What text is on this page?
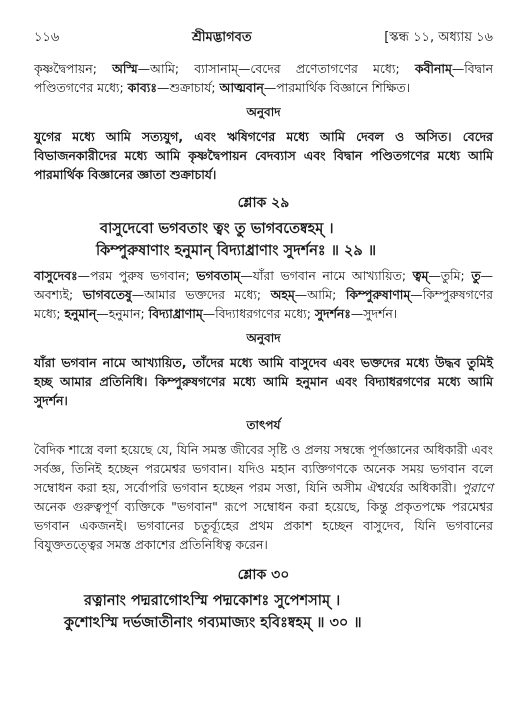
১১৬	শ্রীমদ্ভাগবত	[স্কন্ধ ১১, অধ্যায় ১৬

কৃষ্ণদ্বৈপায়ন; অস্মি—আমি; ব্যাসানাম্—বেদের প্রণেতাগণের মধ্যে; কবীনাম্—বিদ্বান পণ্ডিতগণের মধ্যে; কাব্যঃ—শুক্রাচার্য; আত্মবান্—পারমার্থিক বিজ্ঞানে শিক্ষিত।

অনুবাদ

যুগের মধ্যে আমি সত্যযুগ, এবং ঋষিগণের মধ্যে আমি দেবল ও অসিত। বেদের বিভাজনকারীদের মধ্যে আমি কৃষ্ণদ্বৈপায়ন বেদব্যাস এবং বিদ্বান পণ্ডিতগণের মধ্যে আমি পারমার্থিক বিজ্ঞানের জ্ঞাতা শুক্রাচার্য।

শ্লোক ২৯

বাসুদেবো ভগবতাং ত্বং তু ভাগবতেষ্বহম্ ।

কিম্পুরুষাণাং হনুমান্ বিদ্যাধ্রাণাং সুদর্শনঃ ॥ ২৯ ॥

বাসুদেবঃ—পরম পুরুষ ভগবান; ভগবতাম্—যাঁরা ভগবান নামে আখ্যায়িত; ত্বম্—তুমি; তু—অবশ্যই; ভাগবতেষু—আমার ভক্তদের মধ্যে; অহম্—আমি; কিম্পুরুষাণাম্—কিম্পুরুষগণের মধ্যে; হনুমান্—হনুমান; বিদ্যাধ্রাণাম্—বিদ্যাধরগণের মধ্যে; সুদর্শনঃ—সুদর্শন।

অনুবাদ

যাঁরা ভগবান নামে আখ্যায়িত, তাঁদের মধ্যে আমি বাসুদেব এবং ভক্তদের মধ্যে উদ্ধব তুমিই হচ্ছ আমার প্রতিনিধি। কিম্পুরুষগণের মধ্যে আমি হনুমান এবং বিদ্যাধরগণের মধ্যে আমি সুদর্শন।

তাৎপর্য

বৈদিক শাস্ত্রে বলা হয়েছে যে, যিনি সমস্ত জীবের সৃষ্টি ও প্রলয় সম্বন্ধে পূর্ণজ্ঞানের অধিকারী এবং সর্বজ্ঞ, তিনিই হচ্ছেন পরমেশ্বর ভগবান। যদিও মহান ব্যক্তিগণকে অনেক সময় ভগবান বলে সম্বোধন করা হয়, সর্বোপরি ভগবান হচ্ছেন পরম সত্তা, যিনি অসীম ঐশ্বর্যের অধিকারী। পুরাণে অনেক গুরুত্বপূর্ণ ব্যক্তিকে "ভগবান" রূপে সম্বোধন করা হয়েছে, কিন্তু প্রকৃতপক্ষে পরমেশ্বর ভগবান একজনই। ভগবানের চতুর্ব্যূহের প্রথম প্রকাশ হচ্ছেন বাসুদেব, যিনি ভগবানের বিযুক্ততত্ত্বের সমস্ত প্রকাশের প্রতিনিধিত্ব করেন।

শ্লোক ৩০

রত্নানাং পদ্মরাগোঽস্মি পদ্মকোশঃ সুপেশসাম্ ।

কুশোঽস্মি দর্ভজাতীনাং গব্যমাজ্যং হবিঃষ্বহম্ ॥ ৩০ ॥
